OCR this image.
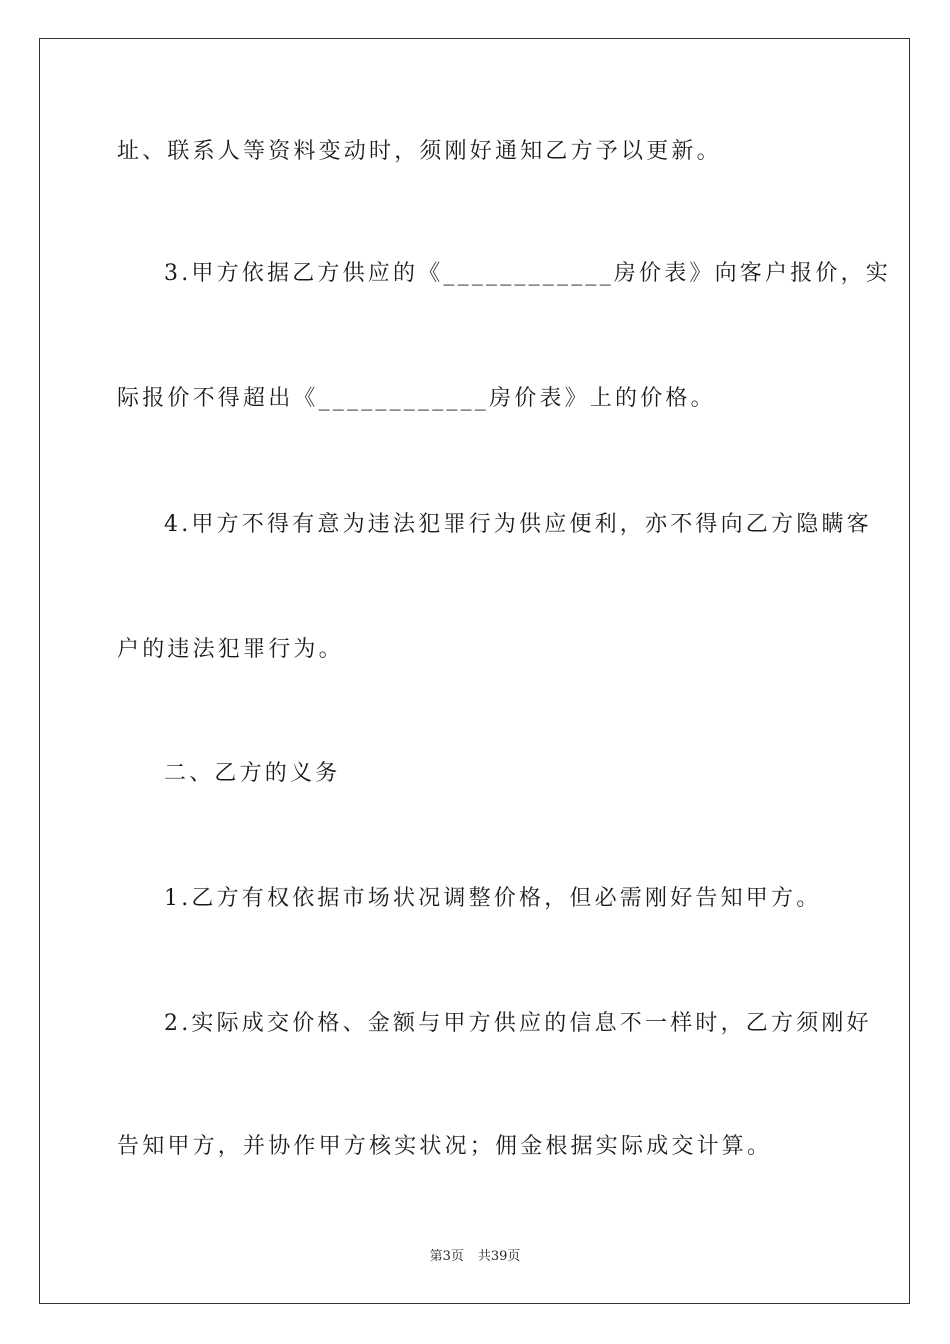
址、联系人等资料变动时，须刚好通知乙方予以更新。
3.甲方依据乙方供应的《____________房价表》向客户报价，实
际报价不得超出《____________房价表》上的价格。
4.甲方不得有意为违法犯罪行为供应便利，亦不得向乙方隐瞒客
户的违法犯罪行为。
二、乙方的义务
1.乙方有权依据市场状况调整价格，但必需刚好告知甲方。
2.实际成交价格、金额与甲方供应的信息不一样时，乙方须刚好
告知甲方，并协作甲方核实状况；佣金根据实际成交计算。
第3页 共39页
